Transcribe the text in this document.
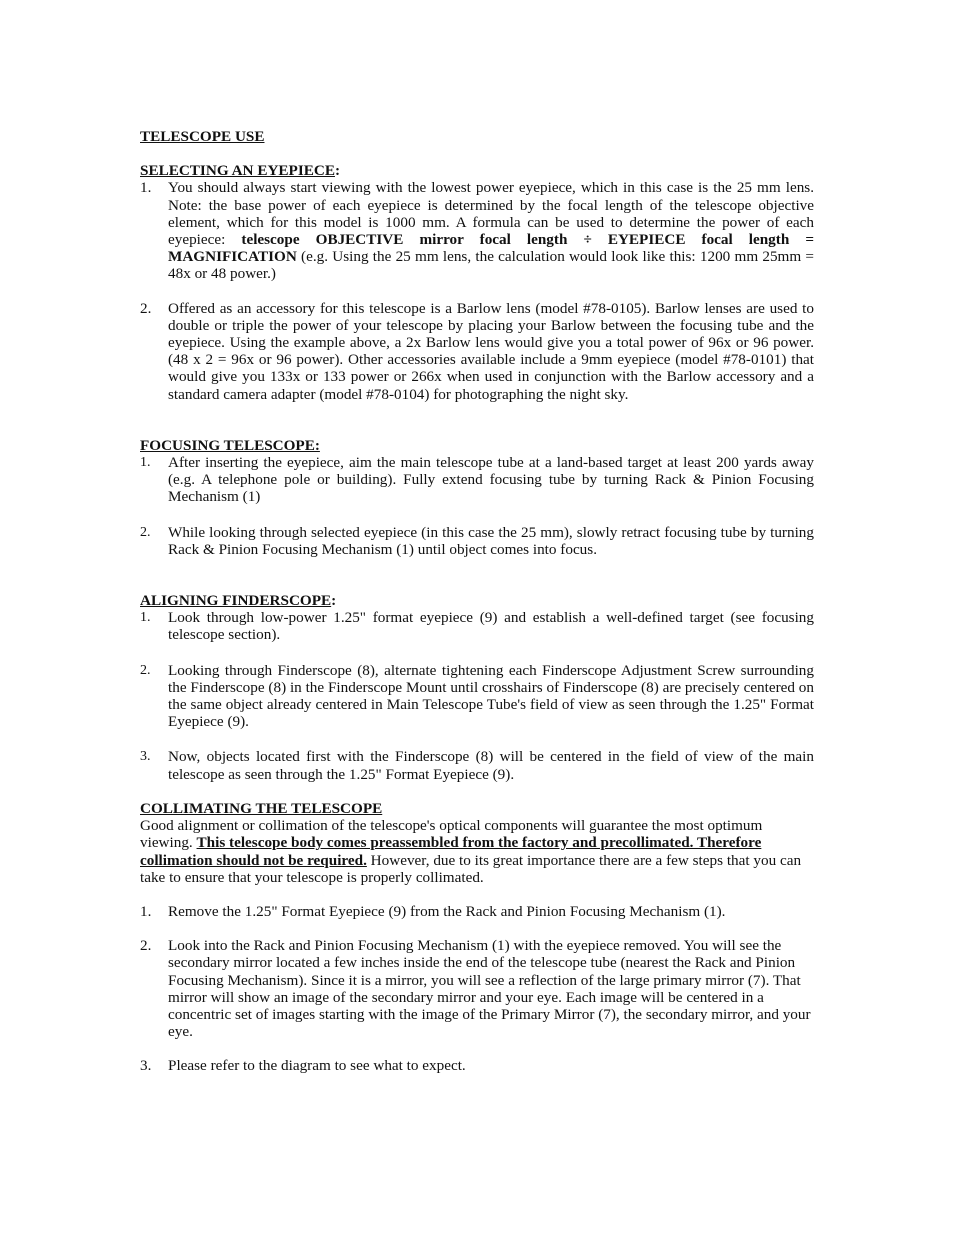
TELESCOPE USE

SELECTING AN EYEPIECE:

1.	You should always start viewing with the lowest power eyepiece, which in this case is the 25 mm lens. Note: the base power of each eyepiece is determined by the focal length of the telescope objective element, which for this model is 1000 mm. A formula can be used to determine the power of each eyepiece: telescope OBJECTIVE mirror focal length ÷ EYEPIECE focal length = MAGNIFICATION (e.g. Using the 25 mm lens, the calculation would look like this: 1200 mm 25mm = 48x or 48 power.)
2.	Offered as an accessory for this telescope is a Barlow lens (model #78-0105). Barlow lenses are used to double or triple the power of your telescope by placing your Barlow between the focusing tube and the eyepiece. Using the example above, a 2x Barlow lens would give you a total power of 96x or 96 power. (48 x 2 = 96x or 96 power). Other accessories available include a 9mm eyepiece (model #78-0101) that would give you 133x or 133 power or 266x when used in conjunction with the Barlow accessory and a standard camera adapter (model #78-0104) for photographing the night sky.

FOCUSING TELESCOPE:

1.	After inserting the eyepiece, aim the main telescope tube at a land-based target at least 200 yards away (e.g. A telephone pole or building). Fully extend focusing tube by turning Rack & Pinion Focusing Mechanism (1)
2.	While looking through selected eyepiece (in this case the 25 mm), slowly retract focusing tube by turning Rack & Pinion Focusing Mechanism (1) until object comes into focus.

ALIGNING FINDERSCOPE:

1.	Look through low-power 1.25" format eyepiece (9) and establish a well-defined target (see focusing telescope section).
2.	Looking through Finderscope (8), alternate tightening each Finderscope Adjustment Screw surrounding the Finderscope (8) in the Finderscope Mount until crosshairs of Finderscope (8) are precisely centered on the same object already centered in Main Telescope Tube's field of view as seen through the 1.25" Format Eyepiece (9).
3.	Now, objects located first with the Finderscope (8) will be centered in the field of view of the main telescope as seen through the 1.25" Format Eyepiece (9).

COLLIMATING THE TELESCOPE

Good alignment or collimation of the telescope's optical components will guarantee the most optimum viewing. This telescope body comes preassembled from the factory and precollimated. Therefore collimation should not be required. However, due to its great importance there are a few steps that you can take to ensure that your telescope is properly collimated.

1.	Remove the 1.25" Format Eyepiece (9) from the Rack and Pinion Focusing Mechanism (1).
2.	Look into the Rack and Pinion Focusing Mechanism (1) with the eyepiece removed. You will see the secondary mirror located a few inches inside the end of the telescope tube (nearest the Rack and Pinion Focusing Mechanism). Since it is a mirror, you will see a reflection of the large primary mirror (7). That mirror will show an image of the secondary mirror and your eye. Each image will be centered in a concentric set of images starting with the image of the Primary Mirror (7), the secondary mirror, and your eye.
3.	Please refer to the diagram to see what to expect.
